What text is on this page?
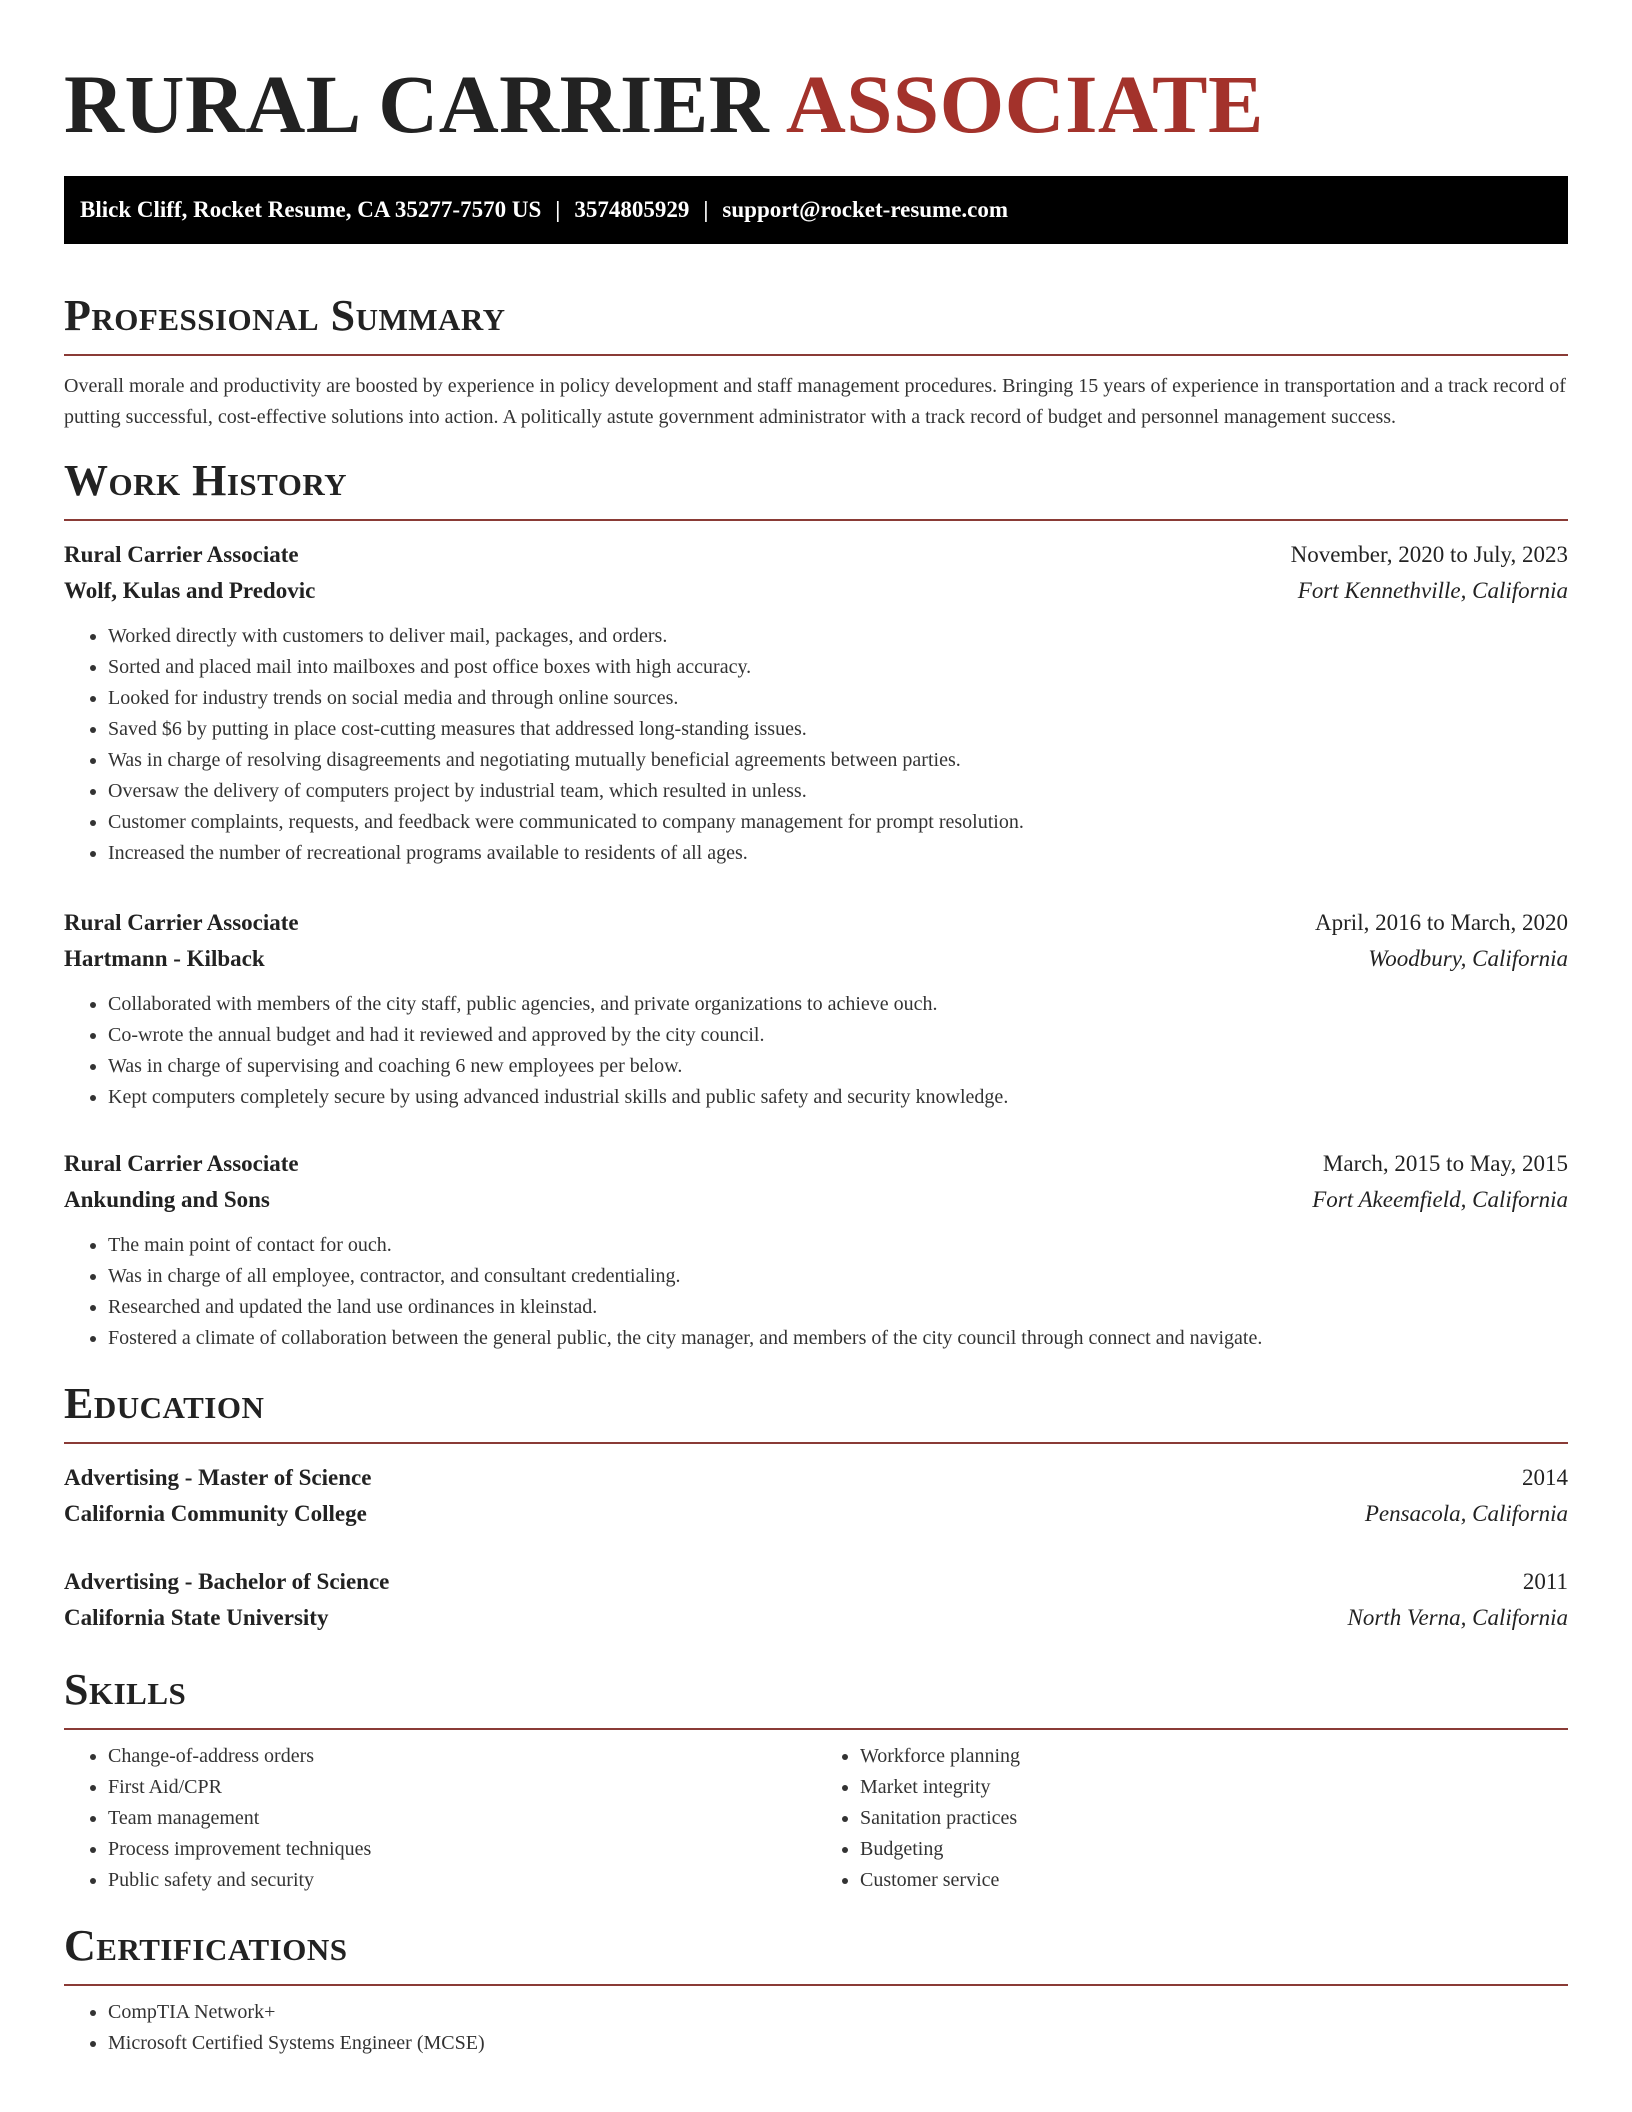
RURAL CARRIER ASSOCIATE
Blick Cliff, Rocket Resume, CA 35277-7570 US | 3574805929 | support@rocket-resume.com
Professional Summary

Overall morale and productivity are boosted by experience in policy development and staff management procedures. Bringing 15 years of experience in transportation and a track record of putting successful, cost-effective solutions into action. A politically astute government administrator with a track record of budget and personnel management success.

Work History
Rural Carrier Associate	November, 2020 to July, 2023
Wolf, Kulas and Predovic	Fort Kennethville, California
• Worked directly with customers to deliver mail, packages, and orders.
• Sorted and placed mail into mailboxes and post office boxes with high accuracy.
• Looked for industry trends on social media and through online sources.
• Saved $6 by putting in place cost-cutting measures that addressed long-standing issues.
• Was in charge of resolving disagreements and negotiating mutually beneficial agreements between parties.
• Oversaw the delivery of computers project by industrial team, which resulted in unless.
• Customer complaints, requests, and feedback were communicated to company management for prompt resolution.
• Increased the number of recreational programs available to residents of all ages.
Rural Carrier Associate	April, 2016 to March, 2020
Hartmann - Kilback	Woodbury, California
• Collaborated with members of the city staff, public agencies, and private organizations to achieve ouch.
• Co-wrote the annual budget and had it reviewed and approved by the city council.
• Was in charge of supervising and coaching 6 new employees per below.
• Kept computers completely secure by using advanced industrial skills and public safety and security knowledge.
Rural Carrier Associate	March, 2015 to May, 2015
Ankunding and Sons	Fort Akeemfield, California
• The main point of contact for ouch.
• Was in charge of all employee, contractor, and consultant credentialing.
• Researched and updated the land use ordinances in kleinstad.
• Fostered a climate of collaboration between the general public, the city manager, and members of the city council through connect and navigate.
Education
Advertising - Master of Science	2014
California Community College	Pensacola, California
Advertising - Bachelor of Science	2011
California State University	North Verna, California
Skills
• Change-of-address orders
• First Aid/CPR
• Team management
• Process improvement techniques
• Public safety and security
• Workforce planning
• Market integrity
• Sanitation practices
• Budgeting
• Customer service
Certifications
• CompTIA Network+
• Microsoft Certified Systems Engineer (MCSE)
